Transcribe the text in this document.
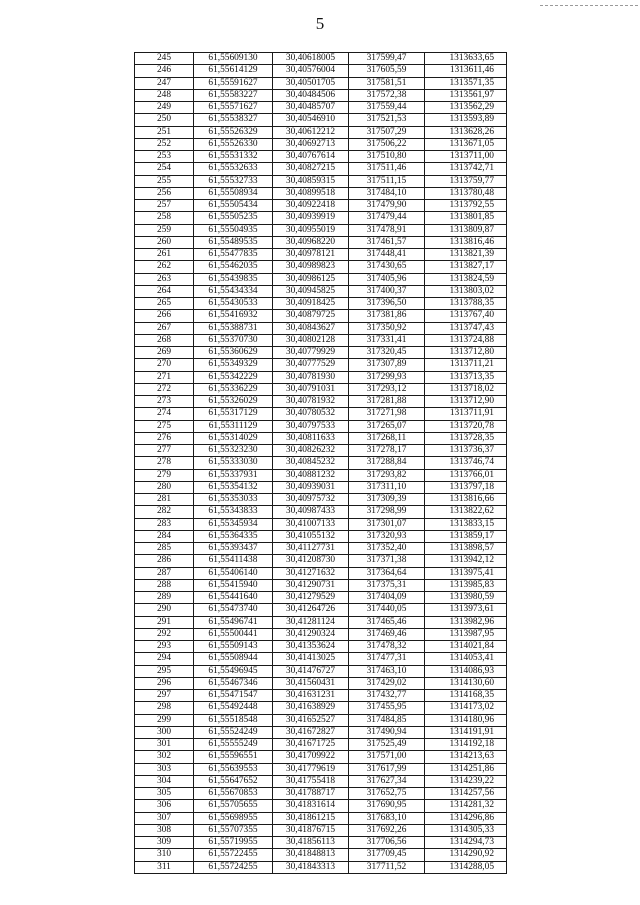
5
245	61,55609130	30,40618005	317599,47	1313633,65
246	61,55614129	30,40576004	317605,59	1313611,46
247	61,55591627	30,40501705	317581,51	1313571,35
248	61,55583227	30,40484506	317572,38	1313561,97
249	61,55571627	30,40485707	317559,44	1313562,29
250	61,55538327	30,40546910	317521,53	1313593,89
251	61,55526329	30,40612212	317507,29	1313628,26
252	61,55526330	30,40692713	317506,22	1313671,05
253	61,55531332	30,40767614	317510,80	1313711,00
254	61,55532633	30,40827215	317511,46	1313742,71
255	61,55532733	30,40859315	317511,15	1313759,77
256	61,55508934	30,40899518	317484,10	1313780,48
257	61,55505434	30,40922418	317479,90	1313792,55
258	61,55505235	30,40939919	317479,44	1313801,85
259	61,55504935	30,40955019	317478,91	1313809,87
260	61,55489535	30,40968220	317461,57	1313816,46
261	61,55477835	30,40978121	317448,41	1313821,39
262	61,55462035	30,40989823	317430,65	1313827,17
263	61,55439835	30,40986125	317405,96	1313824,59
264	61,55434334	30,40945825	317400,37	1313803,02
265	61,55430533	30,40918425	317396,50	1313788,35
266	61,55416932	30,40879725	317381,86	1313767,40
267	61,55388731	30,40843627	317350,92	1313747,43
268	61,55370730	30,40802128	317331,41	1313724,88
269	61,55360629	30,40779929	317320,45	1313712,80
270	61,55349329	30,40777529	317307,89	1313711,21
271	61,55342229	30,40781930	317299,93	1313713,35
272	61,55336229	30,40791031	317293,12	1313718,02
273	61,55326029	30,40781932	317281,88	1313712,90
274	61,55317129	30,40780532	317271,98	1313711,91
275	61,55311129	30,40797533	317265,07	1313720,78
276	61,55314029	30,40811633	317268,11	1313728,35
277	61,55323230	30,40826232	317278,17	1313736,37
278	61,55333030	30,40845232	317288,84	1313746,74
279	61,55337931	30,40881232	317293,82	1313766,01
280	61,55354132	30,40939031	317311,10	1313797,18
281	61,55353033	30,40975732	317309,39	1313816,66
282	61,55343833	30,40987433	317298,99	1313822,62
283	61,55345934	30,41007133	317301,07	1313833,15
284	61,55364335	30,41055132	317320,93	1313859,17
285	61,55393437	30,41127731	317352,40	1313898,57
286	61,55411438	30,41208730	317371,38	1313942,12
287	61,55406140	30,41271632	317364,64	1313975,41
288	61,55415940	30,41290731	317375,31	1313985,83
289	61,55441640	30,41279529	317404,09	1313980,59
290	61,55473740	30,41264726	317440,05	1313973,61
291	61,55496741	30,41281124	317465,46	1313982,96
292	61,55500441	30,41290324	317469,46	1313987,95
293	61,55509143	30,41353624	317478,32	1314021,84
294	61,55508944	30,41413025	317477,31	1314053,41
295	61,55496945	30,41476727	317463,10	1314086,93
296	61,55467346	30,41560431	317429,02	1314130,60
297	61,55471547	30,41631231	317432,77	1314168,35
298	61,55492448	30,41638929	317455,95	1314173,02
299	61,55518548	30,41652527	317484,85	1314180,96
300	61,55524249	30,41672827	317490,94	1314191,91
301	61,55555249	30,41671725	317525,49	1314192,18
302	61,55596551	30,41709922	317571,00	1314213,63
303	61,55639553	30,41779619	317617,99	1314251,86
304	61,55647652	30,41755418	317627,34	1314239,22
305	61,55670853	30,41788717	317652,75	1314257,56
306	61,55705655	30,41831614	317690,95	1314281,32
307	61,55698955	30,41861215	317683,10	1314296,86
308	61,55707355	30,41876715	317692,26	1314305,33
309	61,55719955	30,41856113	317706,56	1314294,73
310	61,55722455	30,41848813	317709,45	1314290,92
311	61,55724255	30,41843313	317711,52	1314288,05
